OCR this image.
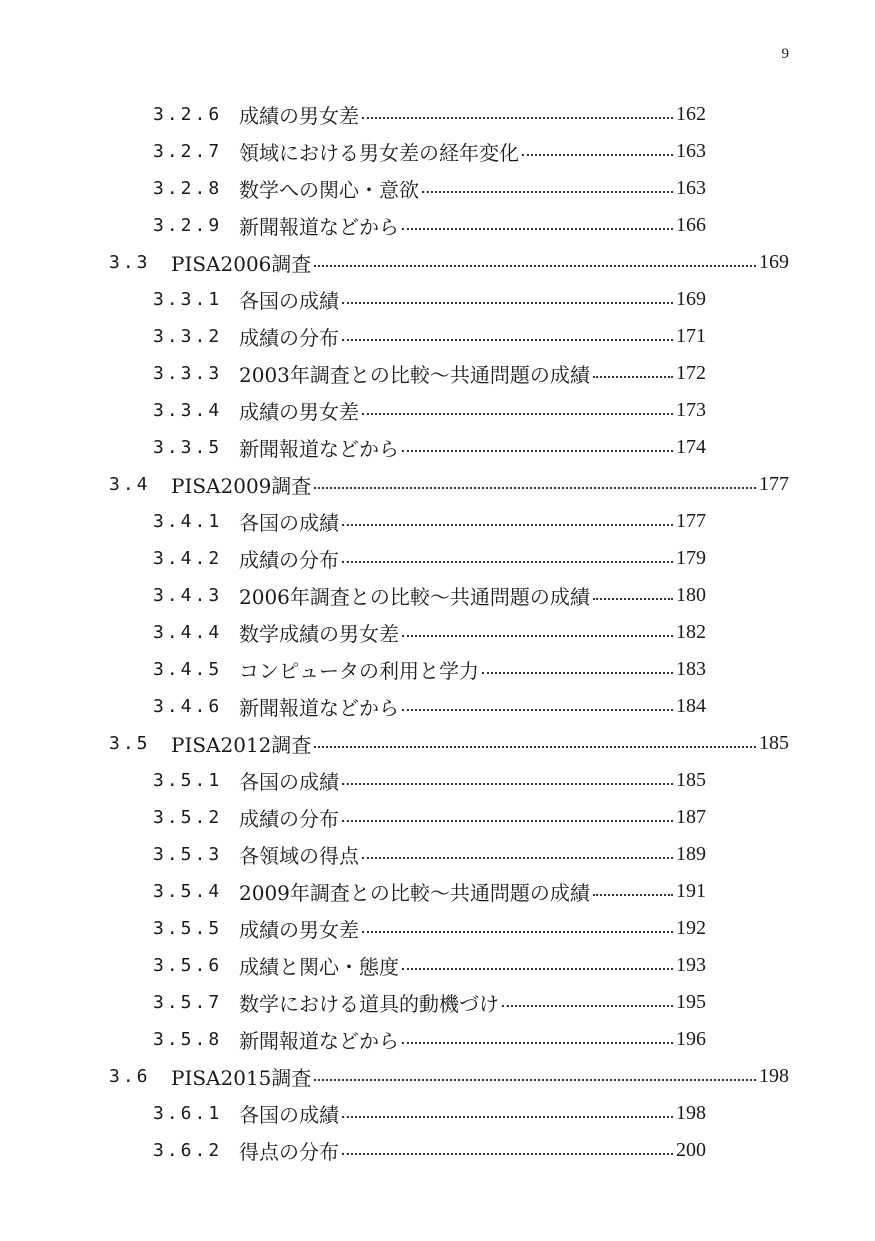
9
3.2.6 成績の男女差	162
3.2.7 領域における男女差の経年変化	163
3.2.8 数学への関心・意欲	163
3.2.9 新聞報道などから	166
3.3	PISA2006調査	169
3.3.1 各国の成績	169
3.3.2 成績の分布	171
3.3.3 2003年調査との比較～共通問題の成績	172
3.3.4 成績の男女差	173
3.3.5 新聞報道などから	174
3.4	PISA2009調査	177
3.4.1 各国の成績	177
3.4.2 成績の分布	179
3.4.3 2006年調査との比較～共通問題の成績	180
3.4.4 数学成績の男女差	182
3.4.5 コンピュータの利用と学力	183
3.4.6 新聞報道などから	184
3.5	PISA2012調査	185
3.5.1 各国の成績	185
3.5.2 成績の分布	187
3.5.3 各領域の得点	189
3.5.4 2009年調査との比較～共通問題の成績	191
3.5.5 成績の男女差	192
3.5.6 成績と関心・態度	193
3.5.7 数学における道具的動機づけ	195
3.5.8 新聞報道などから	196
3.6	PISA2015調査	198
3.6.1 各国の成績	198
3.6.2 得点の分布	200
